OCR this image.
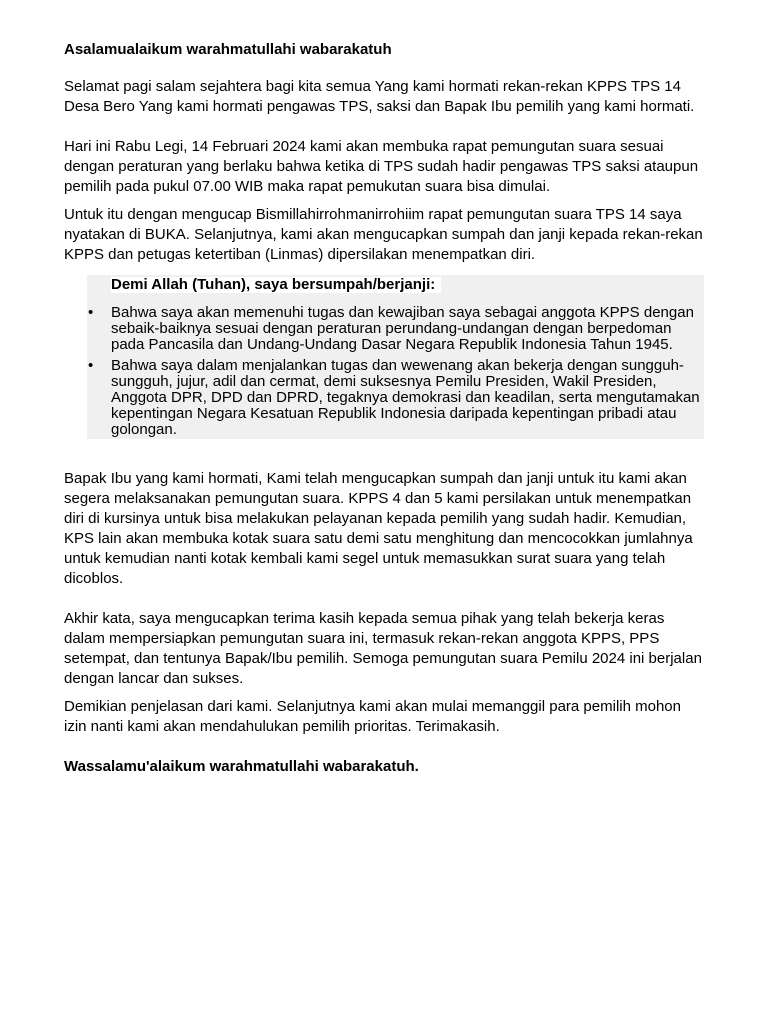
Asalamualaikum warahmatullahi wabarakatuh

Selamat pagi salam sejahtera bagi kita semua Yang kami hormati rekan-rekan KPPS TPS 14 Desa Bero Yang kami hormati pengawas TPS, saksi dan Bapak Ibu pemilih yang kami hormati.

Hari ini Rabu Legi, 14 Februari 2024 kami akan membuka rapat pemungutan suara sesuai dengan peraturan yang berlaku bahwa ketika di TPS sudah hadir pengawas TPS saksi ataupun pemilih pada pukul 07.00 WIB maka rapat pemukutan suara bisa dimulai.

Untuk itu dengan mengucap Bismillahirrohmanirrohiim rapat pemungutan suara TPS 14 saya nyatakan di BUKA. Selanjutnya, kami akan mengucapkan sumpah dan janji kepada rekan-rekan KPPS dan petugas ketertiban (Linmas) dipersilakan menempatkan diri.

Demi Allah (Tuhan), saya bersumpah/berjanji:
•	Bahwa saya akan memenuhi tugas dan kewajiban saya sebagai anggota KPPS dengan sebaik-baiknya sesuai dengan peraturan perundang-undangan dengan berpedoman pada Pancasila dan Undang-Undang Dasar Negara Republik Indonesia Tahun 1945.
•	Bahwa saya dalam menjalankan tugas dan wewenang akan bekerja dengan sungguh-sungguh, jujur, adil dan cermat, demi suksesnya Pemilu Presiden, Wakil Presiden, Anggota DPR, DPD dan DPRD, tegaknya demokrasi dan keadilan, serta mengutamakan kepentingan Negara Kesatuan Republik Indonesia daripada kepentingan pribadi atau golongan.

Bapak Ibu yang kami hormati, Kami telah mengucapkan sumpah dan janji untuk itu kami akan segera melaksanakan pemungutan suara. KPPS 4 dan 5 kami persilakan untuk menempatkan diri di kursinya untuk bisa melakukan pelayanan kepada pemilih yang sudah hadir. Kemudian, KPS lain akan membuka kotak suara satu demi satu menghitung dan mencocokkan jumlahnya untuk kemudian nanti kotak kembali kami segel untuk memasukkan surat suara yang telah dicoblos.

Akhir kata, saya mengucapkan terima kasih kepada semua pihak yang telah bekerja keras dalam mempersiapkan pemungutan suara ini, termasuk rekan-rekan anggota KPPS, PPS setempat, dan tentunya Bapak/Ibu pemilih. Semoga pemungutan suara Pemilu 2024 ini berjalan dengan lancar dan sukses.

Demikian penjelasan dari kami. Selanjutnya kami akan mulai memanggil para pemilih mohon izin nanti kami akan mendahulukan pemilih prioritas. Terimakasih.

Wassalamu'alaikum warahmatullahi wabarakatuh.
